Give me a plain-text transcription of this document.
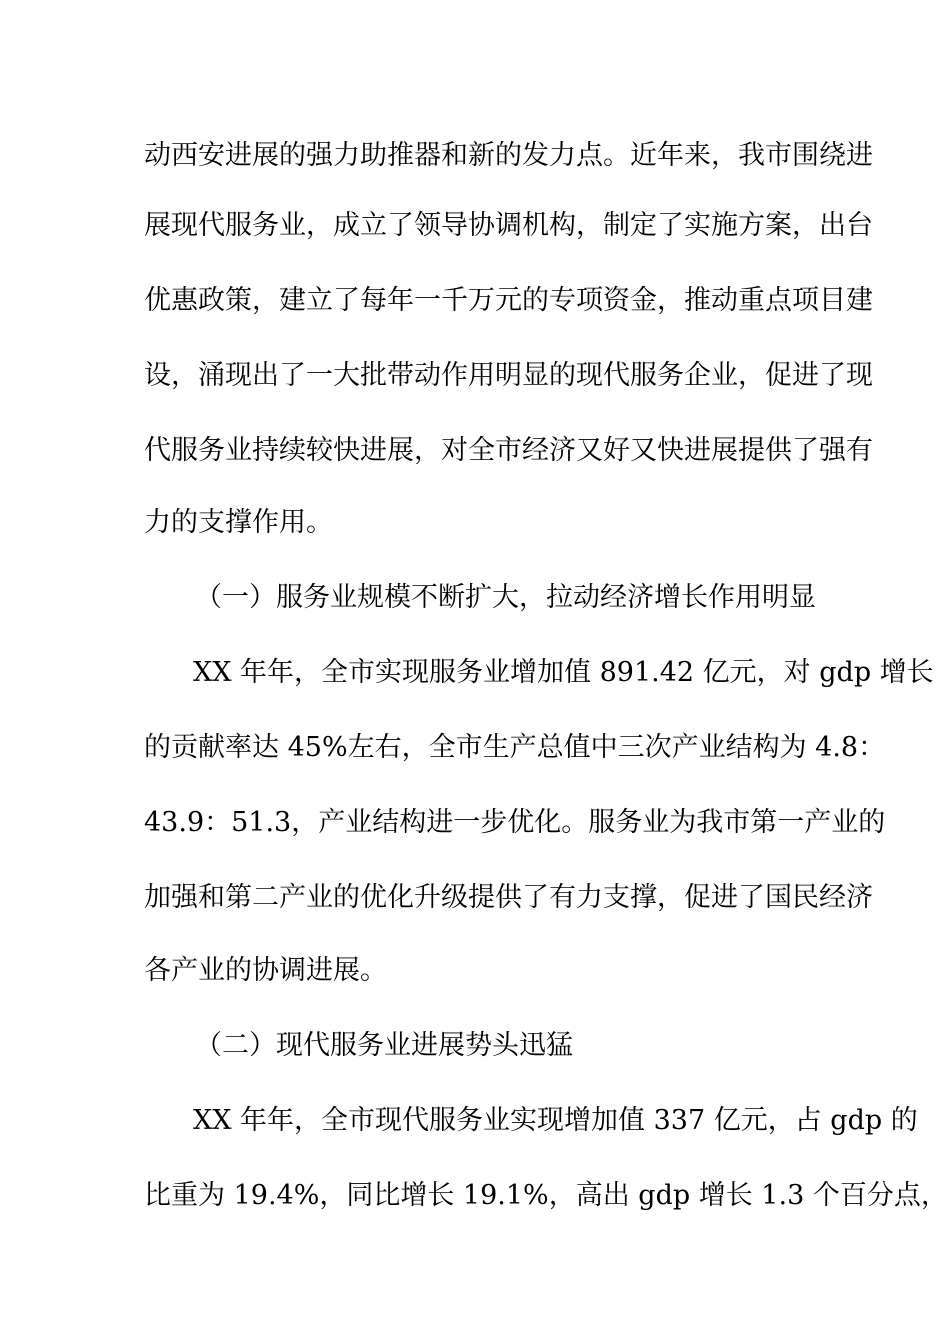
动西安进展的强力助推器和新的发力点。近年来，我市围绕进
展现代服务业，成立了领导协调机构，制定了实施方案，出台
优惠政策，建立了每年一千万元的专项资金，推动重点项目建
设，涌现出了一大批带动作用明显的现代服务企业，促进了现
代服务业持续较快进展，对全市经济又好又快进展提供了强有
力的支撑作用。
（一）服务业规模不断扩大，拉动经济增长作用明显
XX 年年，全市实现服务业增加值 891.42 亿元，对 gdp 增长
的贡献率达 45%左右，全市生产总值中三次产业结构为 4.8：
43.9：51.3，产业结构进一步优化。服务业为我市第一产业的
加强和第二产业的优化升级提供了有力支撑，促进了国民经济
各产业的协调进展。
（二）现代服务业进展势头迅猛
XX 年年，全市现代服务业实现增加值 337 亿元，占 gdp 的
比重为 19.4%，同比增长 19.1%，高出 gdp 增长 1.3 个百分点，
